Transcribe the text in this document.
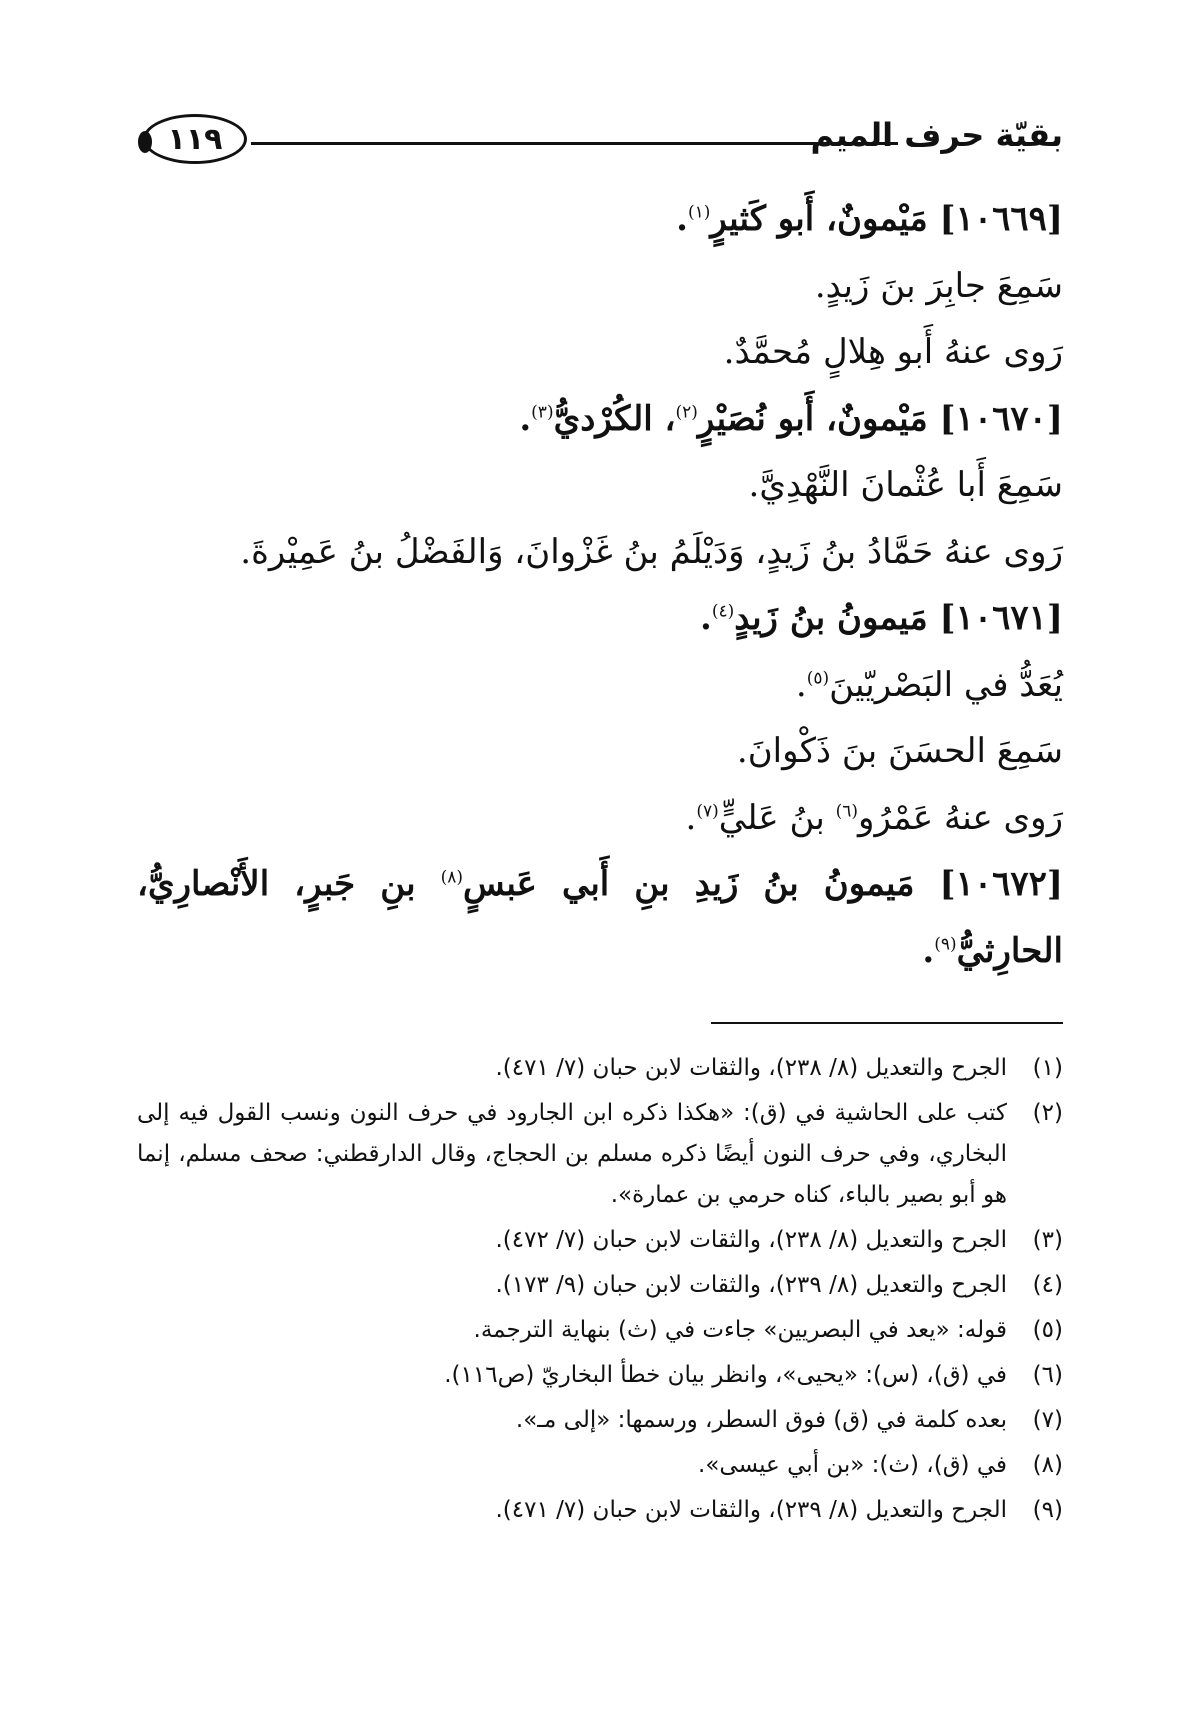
بقيّة حرف الميم
١١٩
[١٠٦٦٩] مَيْمونٌ، أَبو كَثيرٍ$^{(١)}$.
سَمِعَ جابِرَ بنَ زَيدٍ.
رَوى عنهُ أَبو هِلالٍ مُحمَّدٌ.
[١٠٦٧٠] مَيْمونٌ، أَبو نُصَيْرٍ$^{(٢)}$، الكُرْديُّ$^{(٣)}$.
سَمِعَ أَبا عُثْمانَ النَّهْدِيَّ.
رَوى عنهُ حَمَّادُ بنُ زَيدٍ، وَدَيْلَمُ بنُ غَزْوانَ، وَالفَضْلُ بنُ عَمِيْرةَ.
[١٠٦٧١] مَيمونُ بنُ زَيدٍ$^{(٤)}$.
يُعَدُّ في البَصْريّينَ$^{(٥)}$.
سَمِعَ الحسَنَ بنَ ذَكْوانَ.
رَوى عنهُ عَمْرُو$^{(٦)}$ بنُ عَليٍّ$^{(٧)}$.
[١٠٦٧٢] مَيمونُ بنُ زَيدِ بنِ أَبي عَبسٍ$^{(٨)}$ بنِ جَبرٍ، الأَنْصارِيُّ،
الحارِثيُّ$^{(٩)}$.
(١)
الجرح والتعديل (٨/ ٢٣٨)، والثقات لابن حبان (٧/ ٤٧١).
(٢)
كتب على الحاشية في (ق): «هكذا ذكره ابن الجارود في حرف النون ونسب القول فيه إلى البخاري، وفي حرف النون أيضًا ذكره مسلم بن الحجاج، وقال الدارقطني: صحف مسلم، إنما هو أبو بصير بالباء، كناه حرمي بن عمارة».
(٣)
الجرح والتعديل (٨/ ٢٣٨)، والثقات لابن حبان (٧/ ٤٧٢).
(٤)
الجرح والتعديل (٨/ ٢٣٩)، والثقات لابن حبان (٩/ ١٧٣).
(٥)
قوله: «يعد في البصريين» جاءت في (ث) بنهاية الترجمة.
(٦)
في (ق)، (س): «يحيى»، وانظر بيان خطأ البخاريّ (ص١١٦).
(٧)
بعده كلمة في (ق) فوق السطر، ورسمها: «إلى مـ».
(٨)
في (ق)، (ث): «بن أبي عيسى».
(٩)
الجرح والتعديل (٨/ ٢٣٩)، والثقات لابن حبان (٧/ ٤٧١).
